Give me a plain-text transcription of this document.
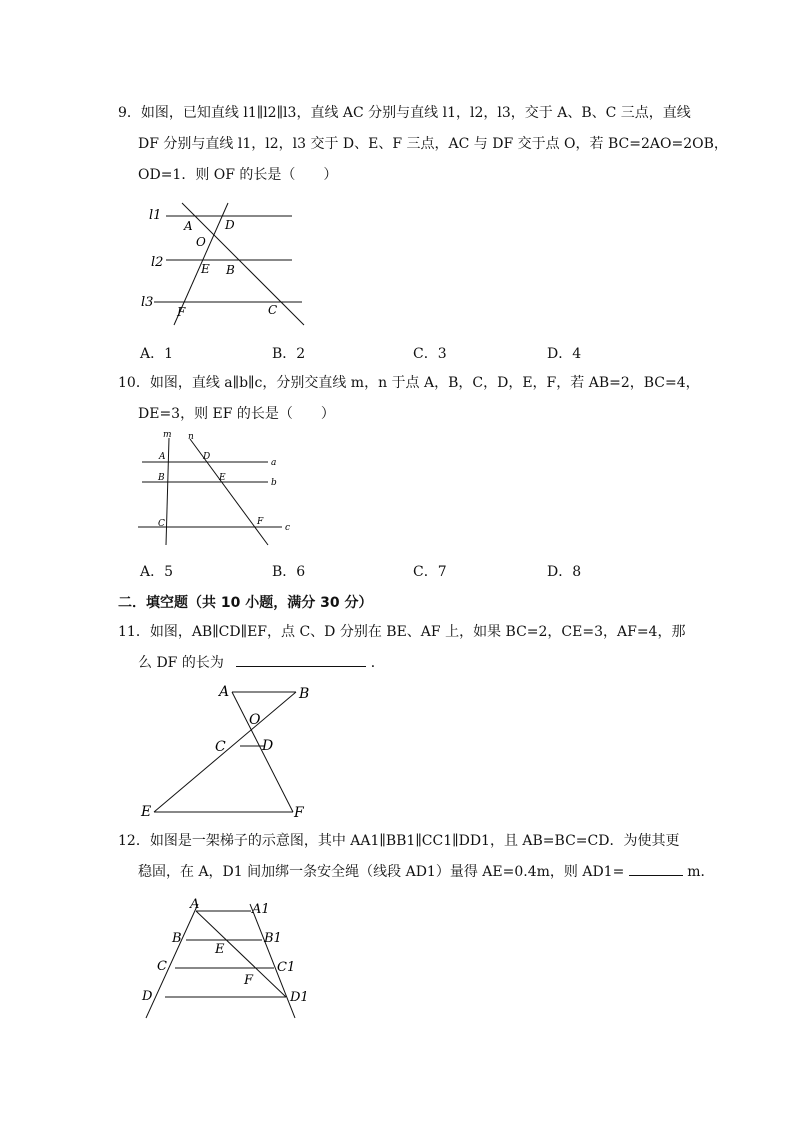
9．如图，已知直线 l1∥l2∥l3，直线 AC 分别与直线 l1，l2，l3，交于 A、B、C 三点，直线
DF 分别与直线 l1，l2，l3 交于 D、E、F 三点，AC 与 DF 交于点 O，若 BC=2AO=2OB，
OD=1．则 OF 的长是（　　）
l1
l2
l3
A	D
O
E B
F	C
A．1	B．2	C．3	D．4
10．如图，直线 a∥b∥c，分别交直线 m，n 于点 A，B，C，D，E，F，若 AB=2，BC=4，
DE=3，则 EF 的长是（　　）
m n
A	D
a
B	E	b
C	F
c
A．5	B．6	C．7	D．8
二．填空题（共 10 小题，满分 30 分）
11．如图，AB∥CD∥EF，点 C、D 分别在 BE、AF 上，如果 BC=2，CE=3，AF=4，那
么 DF 的长为	．
A	B
O
C	D
E	F
12．如图是一架梯子的示意图，其中 AA1∥BB1∥CC1∥DD1，且 AB=BC=CD．为使其更
稳固，在 A，D1 间加绑一条安全绳（线段 AD1）量得 AE=0.4m，则 AD1=	m．
A	A1
B	B1
E
C	C1
F
D	D1
